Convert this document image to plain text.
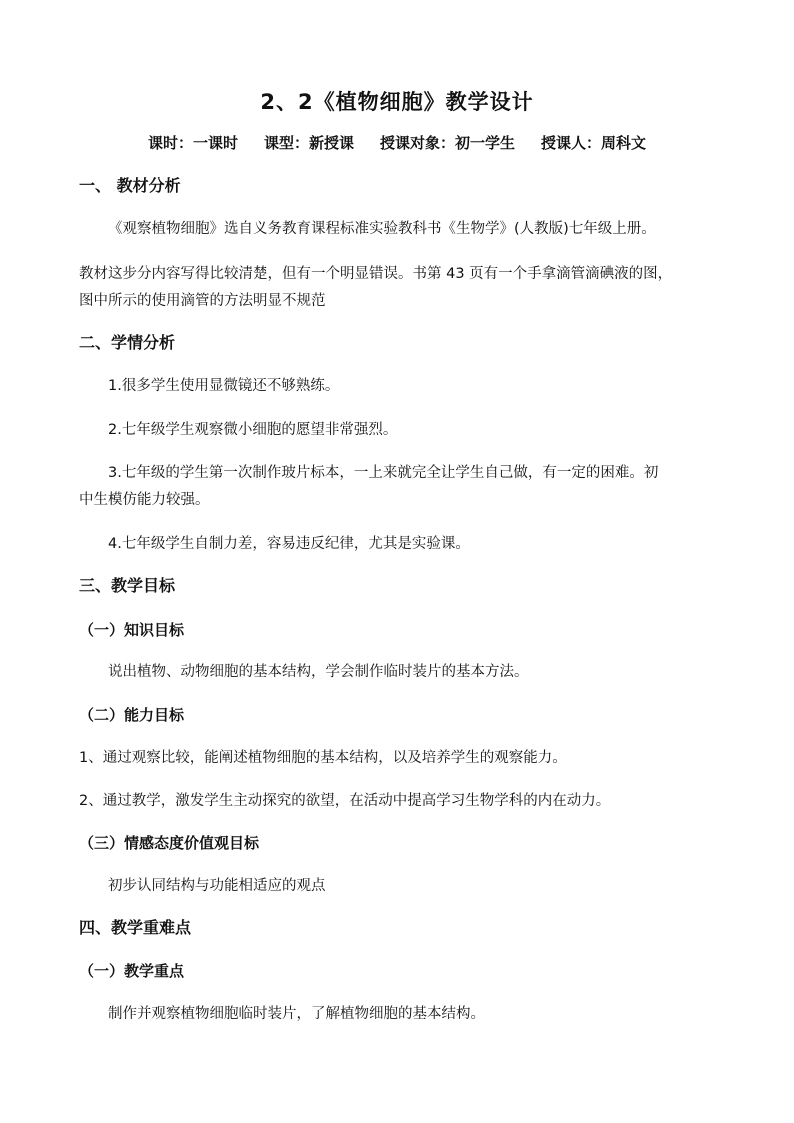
2、2《植物细胞》教学设计
课时：一课时 课型：新授课 授课对象：初一学生 授课人：周科文
一、 教材分析
《观察植物细胞》选自义务教育课程标准实验教科书《生物学》(人教版)七年级上册。
教材这步分内容写得比较清楚，但有一个明显错误。书第 43 页有一个手拿滴管滴碘液的图，
图中所示的使用滴管的方法明显不规范
二、学情分析
1.很多学生使用显微镜还不够熟练。
2.七年级学生观察微小细胞的愿望非常强烈。
3.七年级的学生第一次制作玻片标本，一上来就完全让学生自己做，有一定的困难。初
中生模仿能力较强。
4.七年级学生自制力差，容易违反纪律，尤其是实验课。
三、教学目标
（一）知识目标
说出植物、动物细胞的基本结构，学会制作临时装片的基本方法。
（二）能力目标
1、通过观察比较，能阐述植物细胞的基本结构，以及培养学生的观察能力。
2、通过教学，激发学生主动探究的欲望，在活动中提高学习生物学科的内在动力。
（三）情感态度价值观目标
初步认同结构与功能相适应的观点
四、教学重难点
（一）教学重点
制作并观察植物细胞临时装片，了解植物细胞的基本结构。
